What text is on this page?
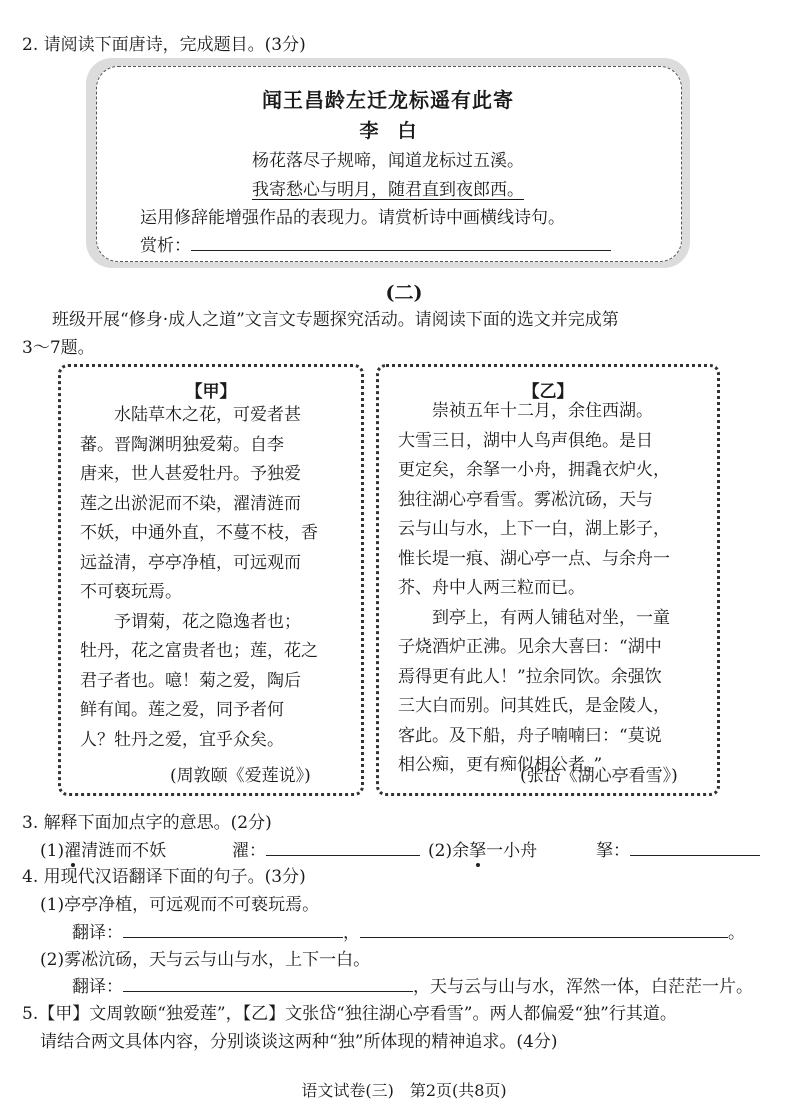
2. 请阅读下面唐诗，完成题目。(3分)
闻王昌龄左迁龙标遥有此寄
李　白
杨花落尽子规啼，闻道龙标过五溪。
我寄愁心与明月，随君直到夜郎西。
运用修辞能增强作品的表现力。请赏析诗中画横线诗句。
赏析：
(二)
班级开展“修身·成人之道”文言文专题探究活动。请阅读下面的选文并完成第
3～7题。
【甲】
　　水陆草木之花，可爱者甚
蕃。晋陶渊明独爱菊。自李
唐来，世人甚爱牡丹。予独爱
莲之出淤泥而不染，濯清涟而
不妖，中通外直，不蔓不枝，香
远益清，亭亭净植，可远观而
不可亵玩焉。
　　予谓菊，花之隐逸者也；
牡丹，花之富贵者也；莲，花之
君子者也。噫！菊之爱，陶后
鲜有闻。莲之爱，同予者何
人？牡丹之爱，宜乎众矣。
(周敦颐《爱莲说》)
【乙】
　　崇祯五年十二月，余住西湖。
大雪三日，湖中人鸟声俱绝。是日
更定矣，余拏一小舟，拥毳衣炉火，
独往湖心亭看雪。雾凇沆砀，天与
云与山与水，上下一白，湖上影子，
惟长堤一痕、湖心亭一点、与余舟一
芥、舟中人两三粒而已。
　　到亭上，有两人铺毡对坐，一童
子烧酒炉正沸。见余大喜曰：“湖中
焉得更有此人！”拉余同饮。余强饮
三大白而别。问其姓氏，是金陵人，
客此。及下船，舟子喃喃曰：“莫说
相公痴，更有痴似相公者。”
(张岱《湖心亭看雪》)
3. 解释下面加点字的意思。(2分)
(1)濯清涟而不妖	濯：	(2)余拏一小舟	拏：
4. 用现代汉语翻译下面的句子。(3分)
(1)亭亭净植，可远观而不可亵玩焉。
翻译：	，	。
(2)雾凇沆砀，天与云与山与水，上下一白。
翻译：	，天与云与山与水，浑然一体，白茫茫一片。
5.【甲】文周敦颐“独爱莲”，【乙】文张岱“独往湖心亭看雪”。两人都偏爱“独”行其道。
请结合两文具体内容，分别谈谈这两种“独”所体现的精神追求。(4分)
语文试卷(三)　第2页(共8页)
